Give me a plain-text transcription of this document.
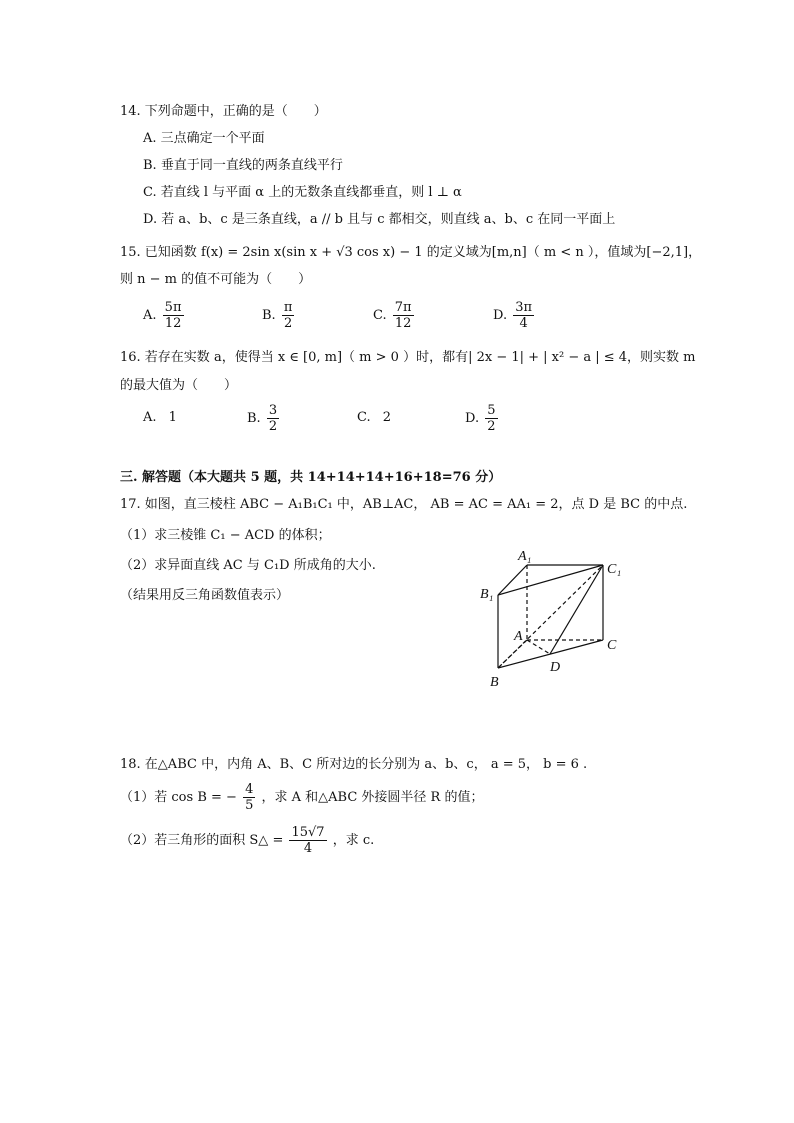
14. 下列命题中，正确的是（　　）
A. 三点确定一个平面
B. 垂直于同一直线的两条直线平行
C. 若直线 l 与平面 α 上的无数条直线都垂直，则 l ⊥ α
D. 若 a、b、c 是三条直线，a // b 且与 c 都相交，则直线 a、b、c 在同一平面上
15. 已知函数 f(x) = 2sin x(sin x + √3 cos x) − 1 的定义域为[m,n]（ m < n ），值域为[−2,1]，
则 n − m 的值不可能为（　　）
A. $\frac{5\pi}{12}$	B. $\frac{\pi}{2}$	C. $\frac{7\pi}{12}$	D. $\frac{3\pi}{4}$
16. 若存在实数 a，使得当 x ∈ [0, m]（ m > 0 ）时，都有| 2x − 1| + | x² − a | ≤ 4，则实数 m
的最大值为（　　）
A. 1	B. $\frac{3}{2}$	C. 2	D. $\frac{5}{2}$
三. 解答题（本大题共 5 题，共 14+14+14+16+18=76 分）
17. 如图，直三棱柱 ABC − A₁B₁C₁ 中，AB⊥AC， AB = AC = AA₁ = 2，点 D 是 BC 的中点.
（1）求三棱锥 C₁ − ACD 的体积；
（2）求异面直线 AC 与 C₁D 所成角的大小.
（结果用反三角函数值表示）
A₁
C₁
B₁
A
C
D
B
18. 在△ABC 中，内角 A、B、C 所对边的长分别为 a、b、c， a = 5， b = 6 .
（1）若 cos B = − $\frac{4}{5}$ ，求 A 和△ABC 外接圆半径 R 的值；
（2）若三角形的面积 S△ = $\frac{15√7}{4}$ ，求 c.
